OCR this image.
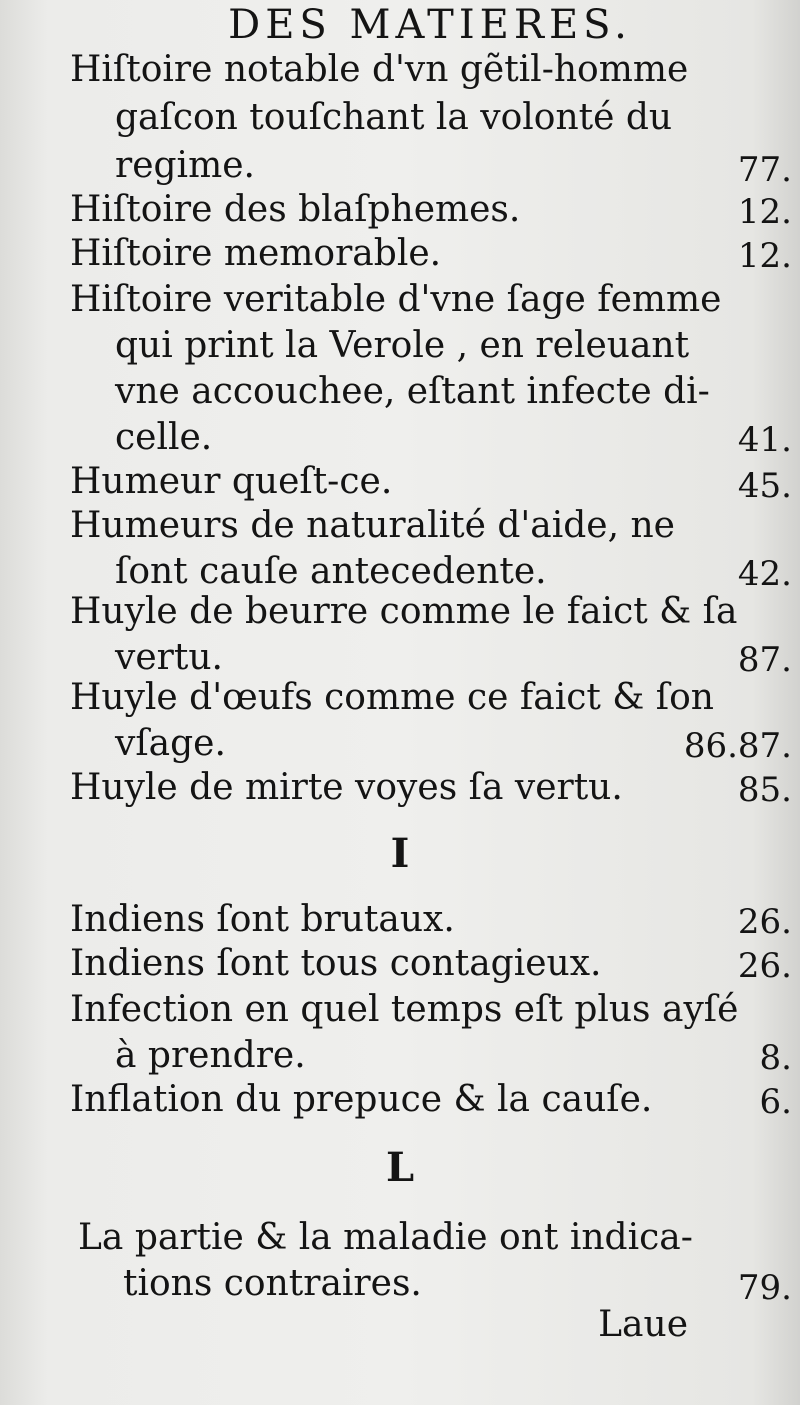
DES MATIERES.
Hiſtoire notable d'vn gẽtil-homme
gaſcon touſchant la volonté du
regime.	77.
Hiſtoire des blaſphemes.	12.
Hiſtoire memorable.	12.
Hiſtoire veritable d'vne ſage femme
qui print la Verole , en releuant
vne accouchee, eſtant infecte di-
celle.	41.
Humeur queſt-ce.	45.
Humeurs de naturalité d'aide, ne
ſont cauſe antecedente.	42.
Huyle de beurre comme le faict & ſa
vertu.	87.
Huyle d'œufs comme ce faict & ſon
vſage.	86.87.
Huyle de mirte voyes ſa vertu.	85.
I
Indiens ſont brutaux.	26.
Indiens ſont tous contagieux.	26.
Infection en quel temps eſt plus ayſé
à prendre.	8.
Inflation du prepuce & la cauſe.	6.
L
La partie & la maladie ont indica-
tions contraires.	79.
Laue
